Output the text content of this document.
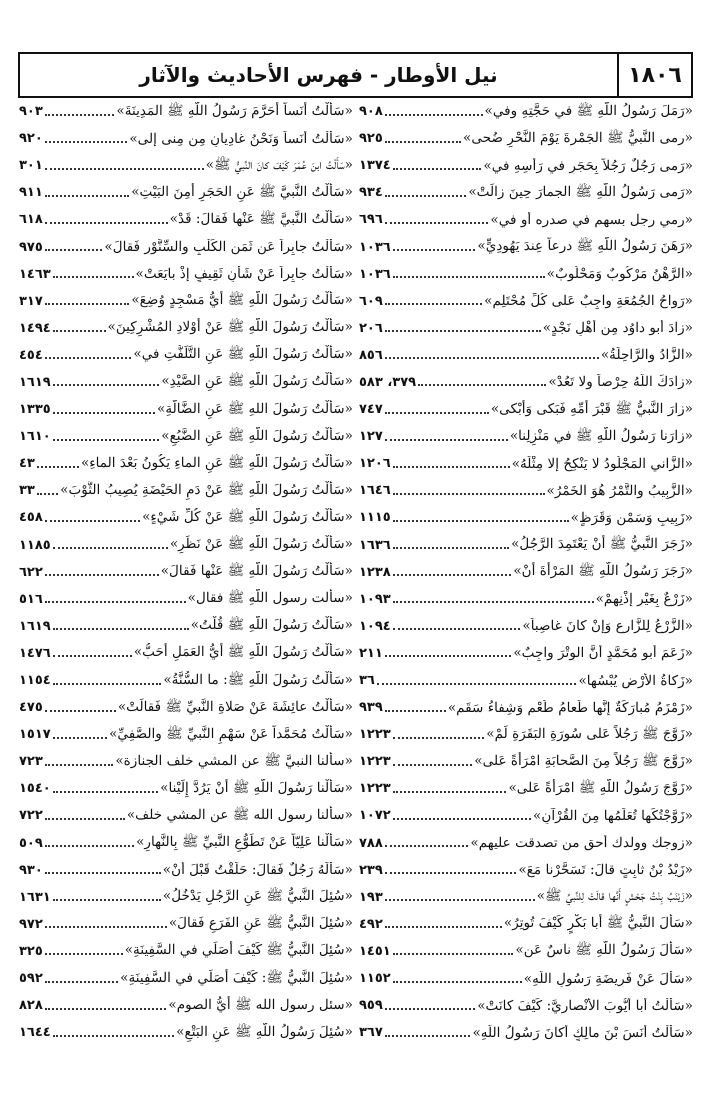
١٨٠٦
نيل الأوطار - فهرس الأحاديث والآثار
«رَمَلَ رَسُولُ اللَّهِ ﷺ في حَجَّتِهِ وفي»
٩٠٨
«رمى النَّبيُّ ﷺ الجَمْرةَ يَوْمَ النَّحْرِ ضُحى»
٩٢٥
«رَمى رَجُلٌ رَجُلاً بِحَجَرٍ في رَأْسِهِ في»
١٣٧٤
«رَمى رَسُولُ اللَّهِ ﷺ الجمارَ حِينَ زالَتْ»
٩٣٤
«رمي رجل بسهم في صدره أو في»
٦٩٦
«رَهَنَ رَسُولُ اللَّهِ ﷺ درعاً عِندَ يَهُودِيٍّ»
١٠٣٦
«الرَّهْنُ مَرْكُوبٌ وَمَحْلُوبٌ»
١٠٣٦
«رَواحُ الجُمُعَةِ واجِبٌ عَلى كُلِّ مُحْتَلِمٍ»
٦٠٩
«زادَ أبو داوُد مِن أَهْلِ نَجْدٍ»
٢٠٦
«الزَّادُ والرَّاحِلَةُ»
٨٥٦
«زادَكَ اللَّهُ حِرْصاً ولا تَعُدْ»
٣٧٩، ٥٨٣
«زارَ النَّبيُّ ﷺ قَبْرَ أُمِّهِ فَبَكى وَأَبْكى»
٧٤٧
«زارَنا رَسُولُ اللَّهِ ﷺ في مَنْزِلِنا»
١٢٧
«الزَّاني المَجْلُودُ لا يَنْكِحُ إلا مِثْلَهُ»
١٢٠٦
«الزَّبِيبُ والتَّمْرُ هُوَ الخَمْرُ»
١٦٤٦
«زَبِيبٍ وَسَمْنٍ وَقَرَظٍ»
١١١٥
«زَجَرَ النَّبيُّ ﷺ أنْ يَعْتَمِدَ الرَّجُلُ»
١٦٣٦
«زَجَرَ رَسُولُ اللَّهِ ﷺ المَرْأَةَ أنْ»
١٢٣٨
«زَرْعٌ بِغَيْرِ إِذْنِهِمْ»
١٠٩٣
«الزَّرْعُ لِلزَّارِعِ وَإنْ كانَ غاصِباً»
١٠٩٤
«زَعَمَ أبو مُحَمَّدٍ أنَّ الوِتْرَ واجِبٌ»
٢١١
«زَكاةُ الأَرْضِ يُبْسُها»
٣٦
«زَمْزَمُ مُبارَكَةٌ إِنَّها طَعامُ طُعْمٍ وَشِفاءُ سَقَمٍ»
٩٣٩
«زَوَّجَ ﷺ رَجُلاً عَلى سُورَةِ البَقَرَةِ لَمْ»
١٢٢٣
«زَوَّجَ ﷺ رَجُلاً مِنَ الصَّحابَةِ امْرَأَةً عَلى»
١٢٢٣
«زَوَّجَ رَسُولُ اللَّهِ ﷺ امْرَأَةً عَلى»
١٢٢٣
«زَوَّجْتُكَها تُعَلِّمُها مِنَ القُرْآنِ»
١٠٧٢
«زوجك وولدك أحق من تصدقت عليهم»
٧٨٨
«زَيْدُ بْنُ ثابِتٍ قالَ: تَسَحَّرْنا مَعَ»
٢٣٩
«زَيْنَبُ بِنْتُ جَحْشٍ أَنَّها قالَتْ لِلنَّبيِّ ﷺ»
١٩٣
«سَأَلَ النَّبيُّ ﷺ أبا بَكْرٍ كَيْفَ تُوتِرُ»
٤٩٢
«سَأَلَ رَسُولُ اللَّهِ ﷺ ناسٌ عَن»
١٤٥١
«سَأَلَ عَنْ فَرِيضَةِ رَسُولِ اللَّهِ»
١١٥٢
«سَأَلْتُ أبا أَيُّوبَ الأَنْصارِيَّ: كَيْفَ كانَتْ»
٩٥٩
«سَأَلْتُ أَنَسَ بْنَ مالِكٍ أَكانَ رَسُولُ اللَّهِ»
٣٦٧
«سَأَلْتُ أَنَساً أَحَرَّمَ رَسُولُ اللَّهِ ﷺ المَدِينَةَ»
٩٠٣
«سَأَلْتُ أَنَساً وَنَحْنُ غادِيانِ مِن مِنى إلى»
٩٢٠
«سَأَلْتُ ابنَ عُمَرَ كَيْفَ كانَ النَّبيُّ ﷺ»
٣٠١
«سَأَلْتُ النَّبيَّ ﷺ عَنِ الحَجَرِ أَمِنَ البَيْتِ»
٩١١
«سَأَلْتُ النَّبيَّ ﷺ عَنْها فَقالَ: قَدْ»
٦١٨
«سَأَلْتُ جابِراً عَن ثَمَنِ الكَلْبِ والسِّنَّوْرِ فَقالَ»
٩٧٥
«سَأَلْتُ جابِراً عَنْ شَأْنِ ثَقِيفٍ إذْ بايَعَتْ»
١٤٦٣
«سَأَلْتُ رَسُولَ اللَّهِ ﷺ أَيُّ مَسْجِدٍ وُضِعَ»
٣١٧
«سَأَلْتُ رَسُولَ اللَّهِ ﷺ عَنْ أَوْلادِ المُشْرِكِينَ»
١٤٩٤
«سَأَلْتُ رَسُولَ اللَّهِ ﷺ عَنِ التَّلَفُّتِ في»
٤٥٤
«سَأَلْتُ رَسُولَ اللَّهِ ﷺ عَنِ الصَّيْدِ»
١٦١٩
«سَأَلْتُ رَسُولَ اللهِ ﷺ عَنِ الضَّالَّةِ»
١٣٣٥
«سَأَلْتُ رَسُولَ اللَّهِ ﷺ عَنِ الضَّبُعِ»
١٦١٠
«سَأَلْتُ رَسُولَ اللَّهِ ﷺ عَنِ الماءِ يَكُونُ بَعْدَ الماءِ»
٤٣
«سَأَلْتُ رَسُولَ اللَّهِ ﷺ عَنْ دَمِ الحَيْضَةِ يُصِيبُ الثَّوْبَ»
٣٣
«سَأَلْتُ رَسُولَ اللَّهِ ﷺ عَنْ كُلِّ شَيْءٍ»
٤٥٨
«سَأَلْتُ رَسُولَ اللَّهِ ﷺ عَنْ نَظَرِ»
١١٨٥
«سَأَلْتُ رَسُولَ اللَّهِ ﷺ عَنْها فَقالَ»
٦٢٢
«سألت رسول اللَّهِ ﷺ فقال»
٥١٦
«سَأَلْتُ رَسُولَ اللَّهِ ﷺ قُلْتُ»
١٦١٩
«سَأَلْتُ رَسُولَ اللَّهِ ﷺ أَيُّ العَمَلِ أَحَبُّ»
١٤٧٦
«سَأَلْتُ رَسُولَ اللَّهِ ﷺ: ما السُّنَّةُ»
١١٥٤
«سَأَلْتُ عائِشَةَ عَنْ صَلاةِ النَّبيِّ ﷺ فَقالَتْ»
٤٧٥
«سَأَلْتُ مُحَمَّداً عَنْ سَهْمِ النَّبيِّ ﷺ والصَّفِيِّ»
١٥١٧
«سألنا النبيَّ ﷺ عن المشي خلف الجنازة»
٧٢٣
«سَأَلْنا رَسُولَ اللَّهِ ﷺ أنْ يَرُدَّ إِلَيْنا»
١٥٤٠
«سألنا رسول الله ﷺ عن المشي خلف»
٧٢٢
«سَأَلْنا عَلِيّاً عَنْ تَطَوُّعِ النَّبيِّ ﷺ بِالنَّهارِ»
٥٠٩
«سَأَلَهُ رَجُلٌ فَقالَ: حَلَقْتُ قَبْلَ أنْ»
٩٣٠
«سُئِلَ النَّبيُّ ﷺ عَنِ الرَّجُلِ يَدْخُلُ»
١٦٣١
«سُئِلَ النَّبيُّ ﷺ عَنِ الفَرَعِ فَقالَ»
٩٧٢
«سُئِلَ النَّبيُّ ﷺ كَيْفَ أُصَلِّي في السَّفِينَةِ»
٣٢٥
«سُئِلَ النَّبيُّ ﷺ: كَيْفَ أُصَلِّي في السَّفِينَةِ»
٥٩٢
«سئل رسول الله ﷺ أيُّ الصوم»
٨٢٨
«سُئِلَ رَسُولُ اللَّهِ ﷺ عَنِ البَتْعِ»
١٦٤٤
